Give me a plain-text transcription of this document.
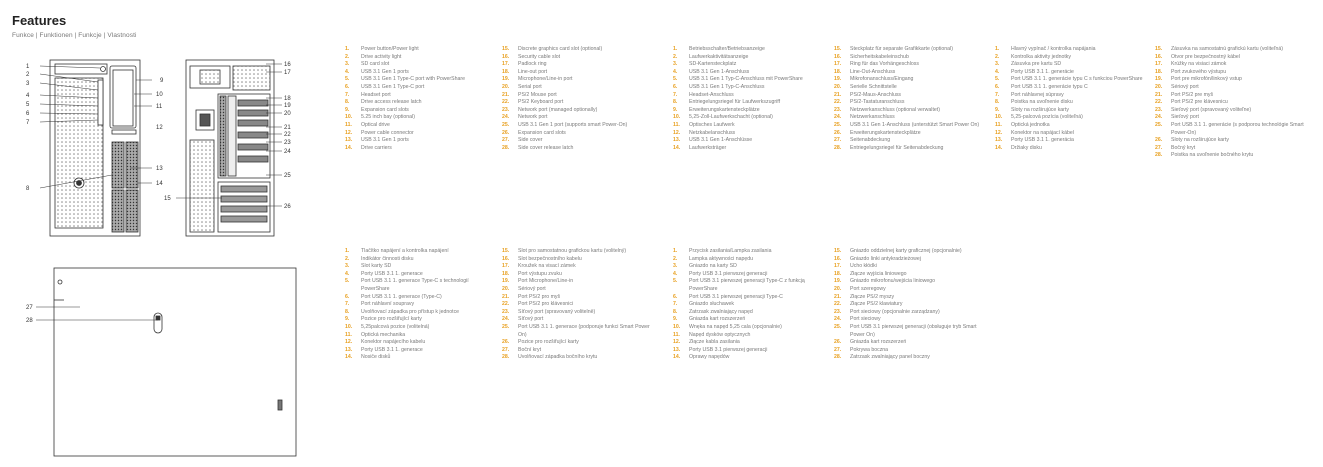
Features
Funkce | Funktionen | Funkcje | Vlastnosti
1
2
3
4
5
6
7
8
9
10
11
12
13
14
16
17
18
19
20
21
22
23
24
25
26
15
27
28
1.	Power button/Power light
2.	Drive activity light
3.	SD card slot
4.	USB 3.1 Gen 1 ports
5.	USB 3.1 Gen 1 Type-C port with PowerShare
6.	USB 3.1 Gen 1 Type-C port
7.	Headset port
8.	Drive access release latch
9.	Expansion card slots
10.	5.25 inch bay (optional)
11.	Optical drive
12.	Power cable connector
13.	USB 3.1 Gen 1 ports
14.	Drive carriers
15.	Discrete graphics card slot (optional)
16.	Security cable slot
17.	Padlock ring
18.	Line-out port
19.	Microphone/Line-in port
20.	Serial port
21.	PS/2 Mouse port
22.	PS/2 Keyboard port
23.	Network port (managed optionally)
24.	Network port
25.	USB 3.1 Gen 1 port (supports smart Power-On)
26.	Expansion card slots
27.	Side cover
28.	Side cover release latch
1.	Betriebsschalter/Betriebsanzeige
2.	Laufwerkaktivitätsanzeige
3.	SD-Kartensteckplatz
4.	USB 3.1 Gen 1-Anschluss
5.	USB 3.1 Gen 1 Typ-C-Anschluss mit PowerShare
6.	USB 3.1 Gen 1 Typ-C-Anschluss
7.	Headset-Anschluss
8.	Entriegelungsriegel für Laufwerkszugriff
9.	Erweiterungskartensteckplätze
10.	5,25-Zoll-Laufwerkschacht (optional)
11.	Optisches Laufwerk
12.	Netzkabelanschluss
13.	USB 3.1 Gen 1-Anschlüsse
14.	Laufwerksträger
15.	Steckplatz für separate Grafikkarte (optional)
16.	Sicherheitskabeleinschub
17.	Ring für das Vorhängeschloss
18.	Line-Out-Anschluss
19.	Mikrofonanschluss/Eingang
20.	Serielle Schnittstelle
21.	PS/2-Maus-Anschluss
22.	PS/2-Tastaturanschluss
23.	Netzwerkanschluss (optional verwaltet)
24.	Netzwerkanschluss
25.	USB 3.1 Gen 1-Anschluss (unterstützt Smart Power On)
26.	Erweiterungskartensteckplätze
27.	Seitenabdeckung
28.	Entriegelungsriegel für Seitenabdeckung
1.	Hlavný vypínač / kontrolka napájania
2.	Kontrolka aktivity jednotky
3.	Zásuvka pre kartu SD
4.	Porty USB 3.1 1. generácie
5.	Port USB 3.1 1. generácie typu C s funkciou PowerShare
6.	Port USB 3.1 1. generácie typu C
7.	Port náhlavnej súpravy
8.	Poistka na uvoľnenie disku
9.	Sloty na rozširujúce karty
10.	5,25-palcová pozícia (voliteľná)
11.	Optická jednotka
12.	Konektor na napájací kábel
13.	Porty USB 3.1 1. generácia
14.	Držiaky disku
15.	Zásuvka na samostatnú grafickú kartu (voliteľná)
16.	Otvor pre bezpečnostný kábel
17.	Krúžky na visiaci zámok
18.	Port zvukového výstupu
19.	Port pre mikrofón/linkový vstup
20.	Sériový port
21.	Port PS/2 pre myš
22.	Port PS/2 pre klávesnicu
23.	Sieťový port (spravovaný voliteľne)
24.	Sieťový port
25.	Port USB 3.1 1. generácie (s podporou technológie Smart Power-On)
26.	Sloty na rozširujúce karty
27.	Bočný kryt
28.	Poistka na uvoľnenie bočného krytu
1.	Tlačítko napájení a kontrolka napájení
2.	Indikátor činnosti disku
3.	Slot karty SD
4.	Porty USB 3.1 1. generace
5.	Port USB 3.1 1. generace Type-C s technologií PowerShare
6.	Port USB 3.1 1. generace (Type-C)
7.	Port náhlavní soupravy
8.	Uvolňovací západka pro přístup k jednotce
9.	Pozice pro rozšiřující karty
10.	5,25palcová pozice (volitelná)
11.	Optická mechanika
12.	Konektor napájecího kabelu
13.	Porty USB 3.1 1. generace
14.	Nosiče disků
15.	Slot pro samostatnou grafickou kartu (volitelný)
16.	Slot bezpečnostního kabelu
17.	Kroužek na visací zámek
18.	Port výstupu zvuku
19.	Port Microphone/Line-in
20.	Sériový port
21.	Port PS/2 pro myš
22.	Port PS/2 pro klávesnici
23.	Síťový port (spravovaný volitelně)
24.	Síťový port
25.	Port USB 3.1 1. generace (podporuje funkci Smart Power On)
26.	Pozice pro rozšiřující karty
27.	Boční kryt
28.	Uvolňovací západka bočního krytu
1.	Przycisk zasilania/Lampka zasilania
2.	Lampka aktywności napędu
3.	Gniazdo na karty SD
4.	Porty USB 3.1 pierwszej generacji
5.	Port USB 3.1 pierwszej generacji Type-C z funkcją PowerShare
6.	Port USB 3.1 pierwszej generacji Type-C
7.	Gniazdo słuchawek
8.	Zatrzask zwalniający napęd
9.	Gniazda kart rozszerzeń
10.	Wnęka na napęd 5,25 cala (opcjonalnie)
11.	Napęd dysków optycznych
12.	Złącze kabla zasilania
13.	Porty USB 3.1 pierwszej generacji
14.	Oprawy napędów
15.	Gniazdo oddzielnej karty graficznej (opcjonalnie)
16.	Gniazdo linki antykradzieżowej
17.	Ucho kłódki
18.	Złącze wyjścia liniowego
19.	Gniazdo mikrofonu/wejścia liniowego
20.	Port szeregowy
21.	Złącze PS/2 myszy
22.	Złącze PS/2 klawiatury
23.	Port sieciowy (opcjonalnie zarządzany)
24.	Port sieciowy
25.	Port USB 3.1 pierwszej generacji (obsługuje tryb Smart Power On)
26.	Gniazda kart rozszerzeń
27.	Pokrywa boczna
28.	Zatrzask zwalniający panel boczny
